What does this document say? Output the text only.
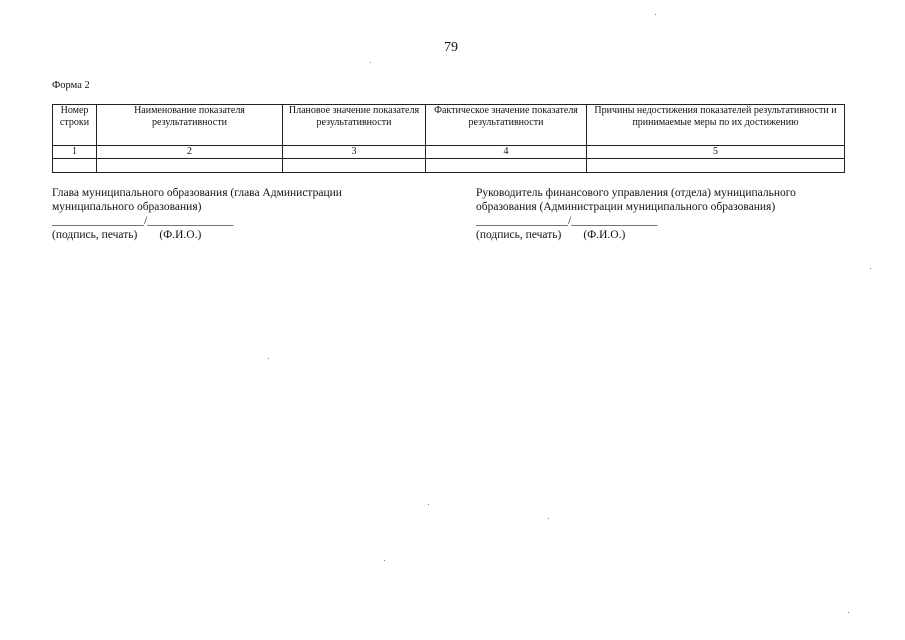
79
Форма 2
Номер строки	Наименование показателя результативности	Плановое значение показателя результативности	Фактическое значение показателя результативности	Причины недостижения показателей результативности и принимаемые меры по их достижению
1	2	3	4	5

Глава муниципального образования (глава Администрации
муниципального образования)
________________/_______________
(подпись, печать) (Ф.И.О.)
Руководитель финансового управления (отдела) муниципального
образования (Администрации муниципального образования)
________________/_______________
(подпись, печать) (Ф.И.О.)
